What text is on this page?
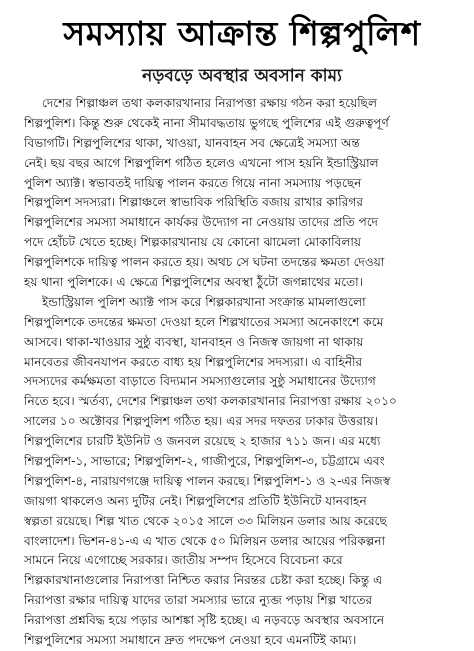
সমস্যায় আক্রান্ত শিল্পপুলিশ
নড়বড়ে অবস্থার অবসান কাম্য
দেশের শিল্পাঞ্চল তথা কলকারখানার নিরাপত্তা রক্ষায় গঠন করা হয়েছিল
শিল্পপুলিশ। কিন্তু শুরু থেকেই নানা সীমাবদ্ধতায় ভুগছে পুলিশের এই গুরুত্বপূর্ণ
বিভাগটি। শিল্পপুলিশের থাকা, খাওয়া, যানবাহন সব ক্ষেত্রেই সমস্যা অন্ত
নেই। ছয় বছর আগে শিল্পপুলিশ গঠিত হলেও এখনো পাস হয়নি ইন্ডাস্ট্রিয়াল
পুলিশ অ্যাক্ট। স্বভাবতই দায়িত্ব পালন করতে গিয়ে নানা সমস্যায় পড়ছেন
শিল্পপুলিশ সদস্যরা। শিল্পাঞ্চলে স্বাভাবিক পরিস্থিতি বজায় রাখার কারিগর
শিল্পপুলিশের সমস্যা সমাধানে কার্যকর উদ্যোগ না নেওয়ায় তাদের প্রতি পদে
পদে হোঁচট খেতে হচ্ছে। শিল্পকারখানায় যে কোনো ঝামেলা মোকাবিলায়
শিল্পপুলিশকে দায়িত্ব পালন করতে হয়। অথচ সে ঘটনা তদন্তের ক্ষমতা দেওয়া
হয় থানা পুলিশকে। এ ক্ষেত্রে শিল্পপুলিশের অবস্থা ঠুঁটো জগন্নাথের মতো।
ইন্ডাস্ট্রিয়াল পুলিশ অ্যাক্ট পাস করে শিল্পকারখানা সংক্রান্ত মামলাগুলো
শিল্পপুলিশকে তদন্তের ক্ষমতা দেওয়া হলে শিল্পখাতের সমস্যা অনেকাংশে কমে
আসবে। থাকা-খাওয়ার সুষ্ঠু ব্যবস্থা, যানবাহন ও নিজস্ব জায়গা না থাকায়
মানবেতর জীবনযাপন করতে বাধ্য হয় শিল্পপুলিশের সদস্যরা। এ বাহিনীর
সদস্যদের কর্মক্ষমতা বাড়াতে বিদ্যমান সমস্যাগুলোর সুষ্ঠু সমাধানের উদ্যোগ
নিতে হবে। স্মর্তব্য, দেশের শিল্পাঞ্চল তথা কলকারখানার নিরাপত্তা রক্ষায় ২০১০
সালের ১০ অক্টোবর শিল্পপুলিশ গঠিত হয়। এর সদর দফতর ঢাকার উত্তরায়।
শিল্পপুলিশের চারটি ইউনিট ও জনবল রয়েছে ২ হাজার ৭১১ জন। এর মধ্যে
শিল্পপুলিশ-১, সাভারে; শিল্পপুলিশ-২, গাজীপুরে, শিল্পপুলিশ-৩, চট্টগ্রামে এবং
শিল্পপুলিশ-৪, নারায়ণগঞ্জে দায়িত্ব পালন করছে। শিল্পপুলিশ-১ ও ২-এর নিজস্ব
জায়গা থাকলেও অন্য দুটির নেই। শিল্পপুলিশের প্রতিটি ইউনিটে যানবাহন
স্বল্পতা রয়েছে। শিল্প খাত থেকে ২০১৫ সালে ৩৩ মিলিয়ন ডলার আয় করেছে
বাংলাদেশ। ভিশন-৪১-এ এ খাত থেকে ৫০ মিলিয়ন ডলার আয়ের পরিকল্পনা
সামনে নিয়ে এগোচ্ছে সরকার। জাতীয় সম্পদ হিসেবে বিবেচনা করে
শিল্পকারখানাগুলোর নিরাপত্তা নিশ্চিত করার নিরন্তর চেষ্টা করা হচ্ছে। কিন্তু এ
নিরাপত্তা রক্ষার দায়িত্ব যাদের তারা সমস্যার ভারে ন্যুব্জ পড়ায় শিল্প খাতের
নিরাপত্তা প্রশ্নবিদ্ধ হয়ে পড়ার আশঙ্কা সৃষ্টি হচ্ছে। এ নড়বড়ে অবস্থার অবসানে
শিল্পপুলিশের সমস্যা সমাধানে দ্রুত পদক্ষেপ নেওয়া হবে এমনটিই কাম্য।
